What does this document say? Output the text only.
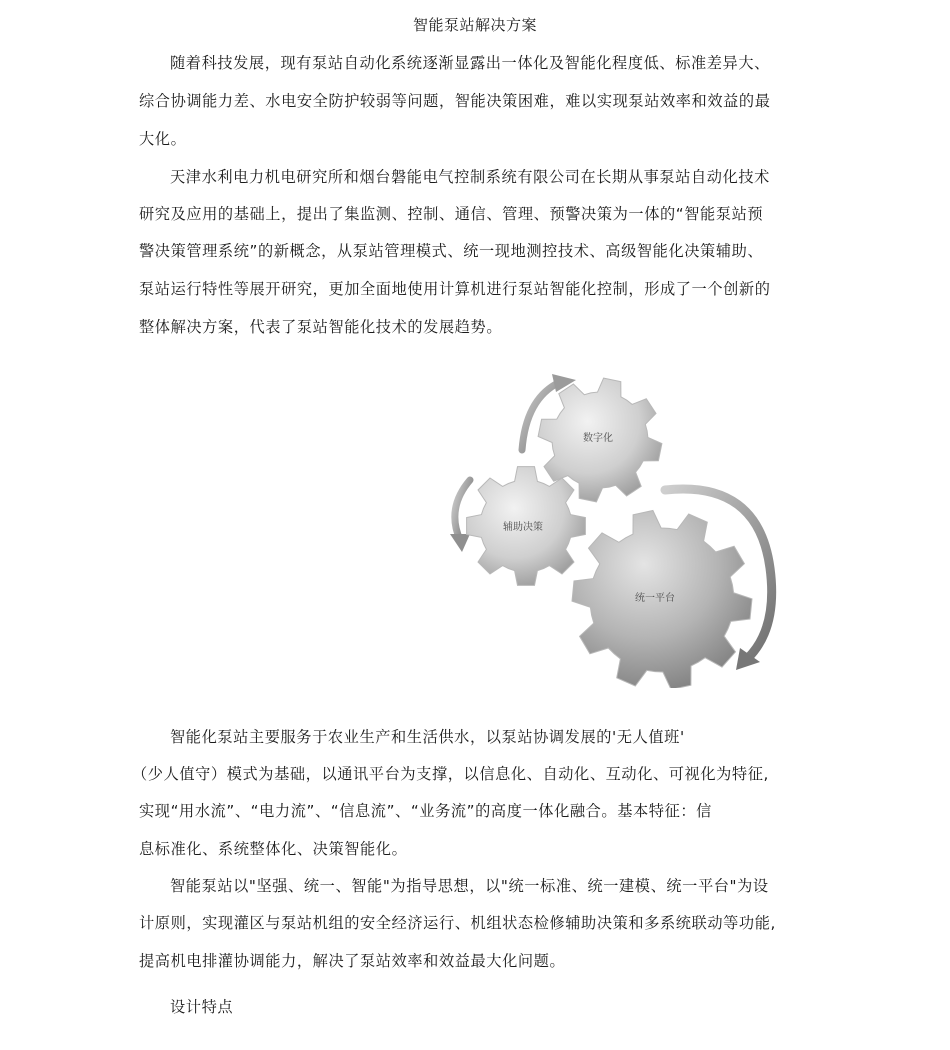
智能泵站解决方案
随着科技发展，现有泵站自动化系统逐渐显露出一体化及智能化程度低、标准差异大、
综合协调能力差、水电安全防护较弱等问题，智能决策困难，难以实现泵站效率和效益的最
大化。
天津水利电力机电研究所和烟台磐能电气控制系统有限公司在长期从事泵站自动化技术
研究及应用的基础上，提出了集监测、控制、通信、管理、预警决策为一体的“智能泵站预
警决策管理系统”的新概念，从泵站管理模式、统一现地测控技术、高级智能化决策辅助、
泵站运行特性等展开研究，更加全面地使用计算机进行泵站智能化控制，形成了一个创新的
整体解决方案，代表了泵站智能化技术的发展趋势。
数字化
辅助决策
统一平台
智能化泵站主要服务于农业生产和生活供水，以泵站协调发展的'无人值班'
（少人值守）模式为基础，以通讯平台为支撑，以信息化、自动化、互动化、可视化为特征,
实现“用水流”、“电力流”、“信息流”、“业务流”的高度一体化融合。基本特征：信
息标准化、系统整体化、决策智能化。
智能泵站以"坚强、统一、智能"为指导思想，以"统一标准、统一建模、统一平台"为设
计原则，实现灌区与泵站机组的安全经济运行、机组状态检修辅助决策和多系统联动等功能,
提高机电排灌协调能力，解决了泵站效率和效益最大化问题。
设计特点
